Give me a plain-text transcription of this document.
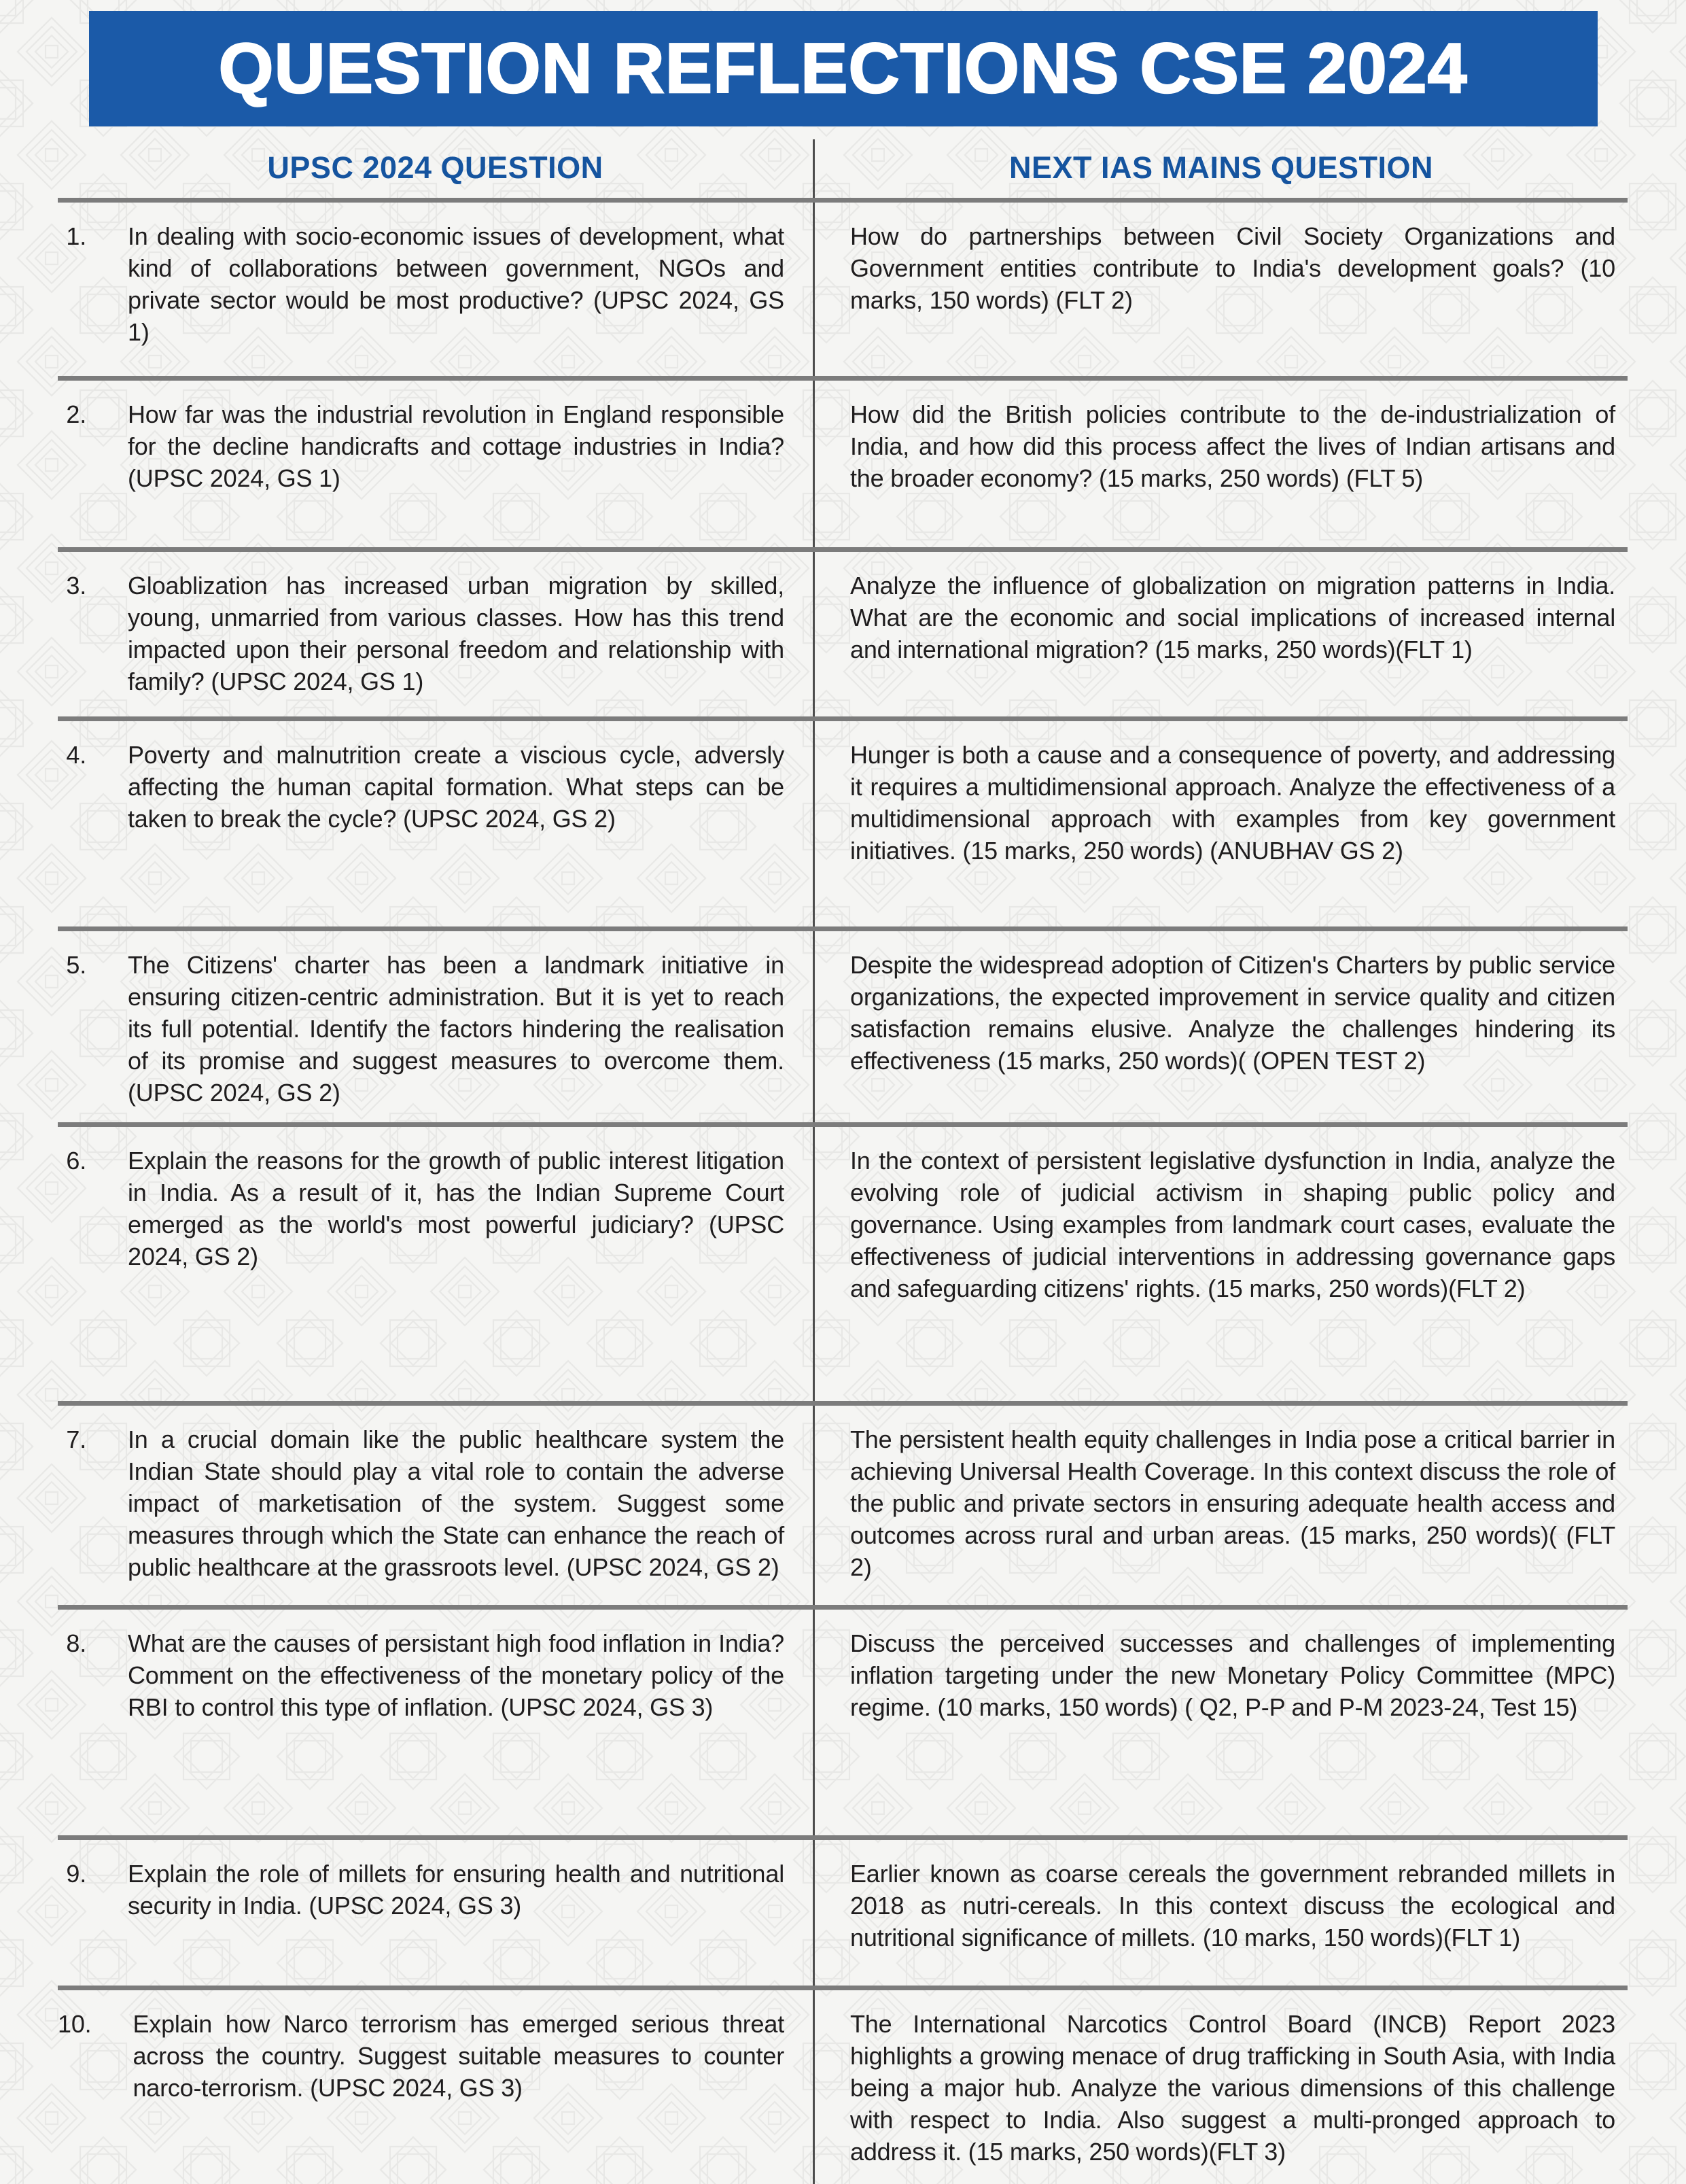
QUESTION REFLECTIONS CSE 2024
UPSC 2024 QUESTION	NEXT IAS MAINS QUESTION
1. In dealing with socio-economic issues of development, what kind of collaborations between government, NGOs and private sector would be most productive? (UPSC 2024, GS 1)

How do partnerships between Civil Society Organizations and Government entities contribute to India's development goals? (10 marks, 150 words) (FLT 2)

2. How far was the industrial revolution in England responsible for the decline handicrafts and cottage industries in India? (UPSC 2024, GS 1)

How did the British policies contribute to the de-industrialization of India, and how did this process affect the lives of Indian artisans and the broader economy? (15 marks, 250 words) (FLT 5)

3. Gloablization has increased urban migration by skilled, young, unmarried from various classes. How has this trend impacted upon their personal freedom and relationship with family? (UPSC 2024, GS 1)

Analyze the influence of globalization on migration patterns in India. What are the economic and social implications of increased internal and international migration? (15 marks, 250 words)(FLT 1)

4. Poverty and malnutrition create a viscious cycle, adversly affecting the human capital formation. What steps can be taken to break the cycle? (UPSC 2024, GS 2)

Hunger is both a cause and a consequence of poverty, and addressing it requires a multidimensional approach. Analyze the effectiveness of a multidimensional approach with examples from key government initiatives. (15 marks, 250 words) (ANUBHAV GS 2)

5. The Citizens' charter has been a landmark initiative in ensuring citizen-centric administration. But it is yet to reach its full potential. Identify the factors hindering the realisation of its promise and suggest measures to overcome them. (UPSC 2024, GS 2)

Despite the widespread adoption of Citizen's Charters by public service organizations, the expected improvement in service quality and citizen satisfaction remains elusive. Analyze the challenges hindering its effectiveness (15 marks, 250 words)( (OPEN TEST 2)

6. Explain the reasons for the growth of public interest litigation in India. As a result of it, has the Indian Supreme Court emerged as the world's most powerful judiciary? (UPSC 2024, GS 2)

In the context of persistent legislative dysfunction in India, analyze the evolving role of judicial activism in shaping public policy and governance. Using examples from landmark court cases, evaluate the effectiveness of judicial interventions in addressing governance gaps and safeguarding citizens' rights. (15 marks, 250 words)(FLT 2)

7. In a crucial domain like the public healthcare system the Indian State should play a vital role to contain the adverse impact of marketisation of the system. Suggest some measures through which the State can enhance the reach of public healthcare at the grassroots level. (UPSC 2024, GS 2)

The persistent health equity challenges in India pose a critical barrier in achieving Universal Health Coverage. In this context discuss the role of the public and private sectors in ensuring adequate health access and outcomes across rural and urban areas. (15 marks, 250 words)( (FLT 2)

8. What are the causes of persistant high food inflation in India? Comment on the effectiveness of the monetary policy of the RBI to control this type of inflation. (UPSC 2024, GS 3)

Discuss the perceived successes and challenges of implementing inflation targeting under the new Monetary Policy Committee (MPC) regime. (10 marks, 150 words) ( Q2, P-P and P-M 2023-24, Test 15)

9. Explain the role of millets for ensuring health and nutritional security in India. (UPSC 2024, GS 3)

Earlier known as coarse cereals the government rebranded millets in 2018 as nutri-cereals. In this context discuss the ecological and nutritional significance of millets. (10 marks, 150 words)(FLT 1)

10. Explain how Narco terrorism has emerged serious threat across the country. Suggest suitable measures to counter narco-terrorism. (UPSC 2024, GS 3)

The International Narcotics Control Board (INCB) Report 2023 highlights a growing menace of drug trafficking in South Asia, with India being a major hub. Analyze the various dimensions of this challenge with respect to India. Also suggest a multi-pronged approach to address it. (15 marks, 250 words)(FLT 3)
